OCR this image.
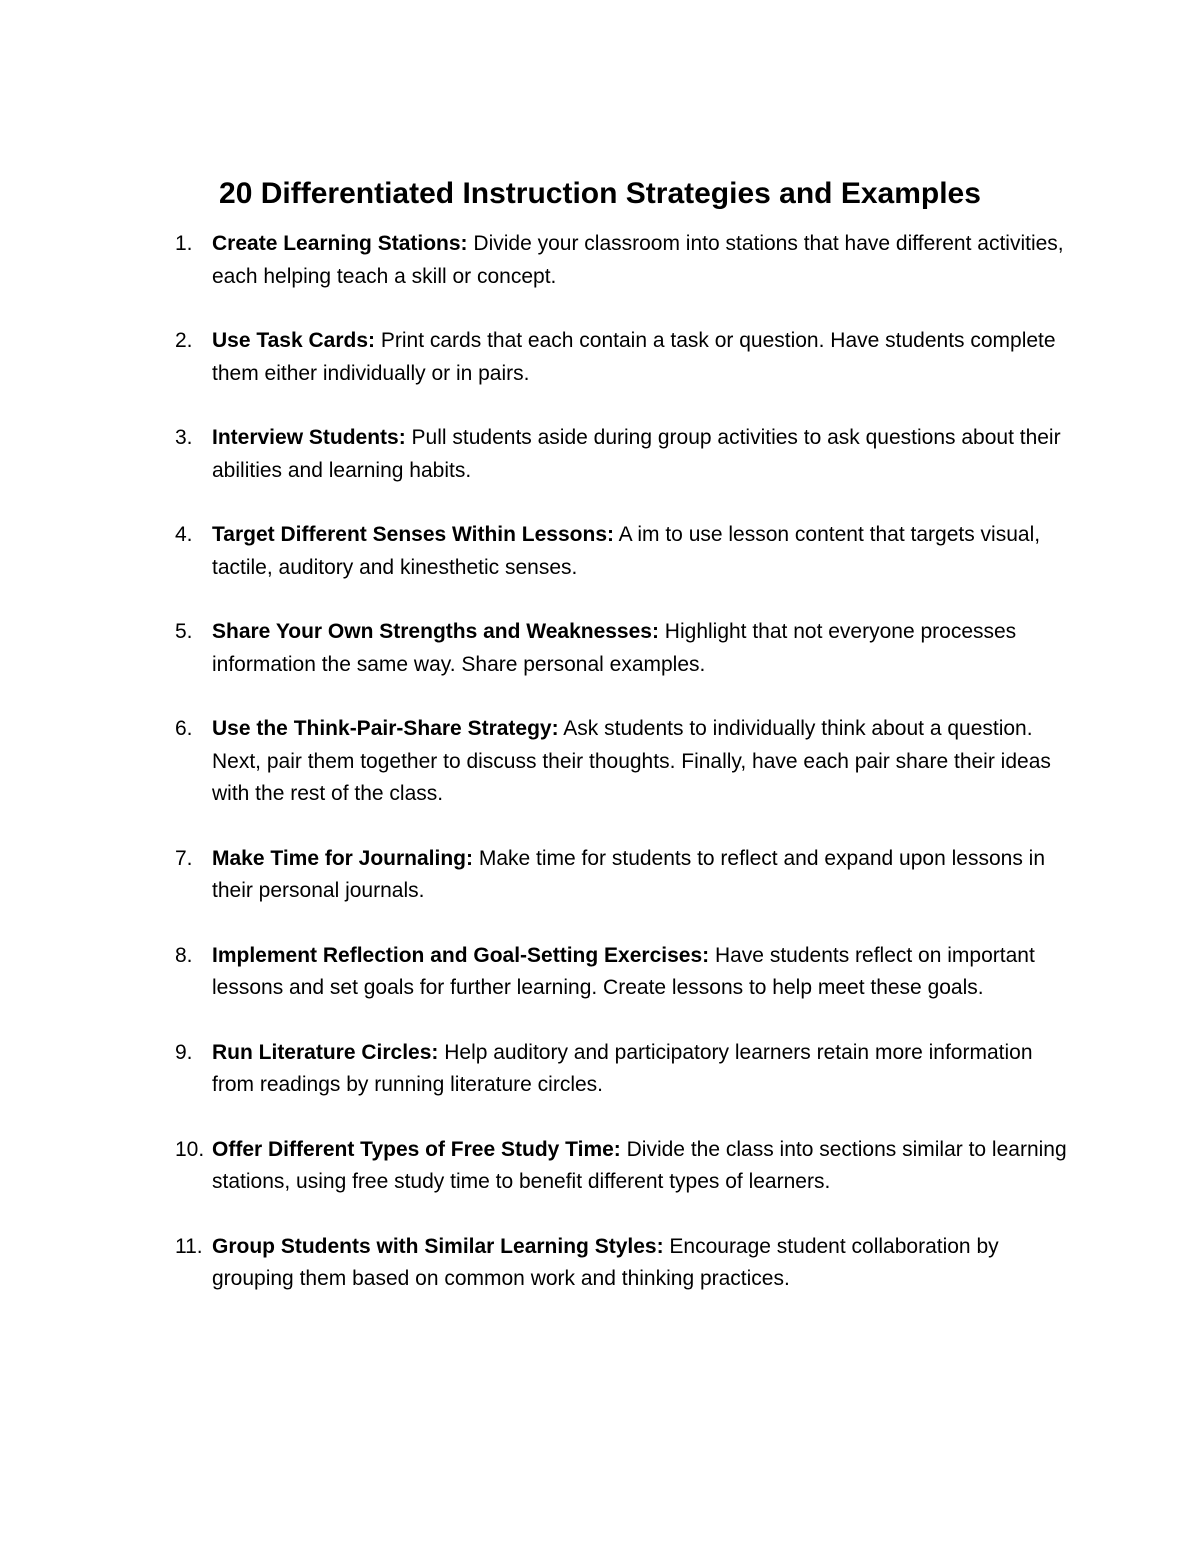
20 Differentiated Instruction Strategies and Examples
1. Create Learning Stations: Divide your classroom into stations that have different activities, each helping teach a skill or concept.
2. Use Task Cards: Print cards that each contain a task or question. Have students complete them either individually or in pairs.
3. Interview Students: Pull students aside during group activities to ask questions about their abilities and learning habits.
4. Target Different Senses Within Lessons: A im to use lesson content that targets visual, tactile, auditory and kinesthetic senses.
5. Share Your Own Strengths and Weaknesses: Highlight that not everyone processes information the same way. Share personal examples.
6. Use the Think-Pair-Share Strategy: Ask students to individually think about a question. Next, pair them together to discuss their thoughts. Finally, have each pair share their ideas with the rest of the class.
7. Make Time for Journaling: Make time for students to reflect and expand upon lessons in their personal journals.
8. Implement Reflection and Goal-Setting Exercises: Have students reflect on important lessons and set goals for further learning. Create lessons to help meet these goals.
9. Run Literature Circles: Help auditory and participatory learners retain more information from readings by running literature circles.
10. Offer Different Types of Free Study Time: Divide the class into sections similar to learning stations, using free study time to benefit different types of learners.
11. Group Students with Similar Learning Styles: Encourage student collaboration by grouping them based on common work and thinking practices.
